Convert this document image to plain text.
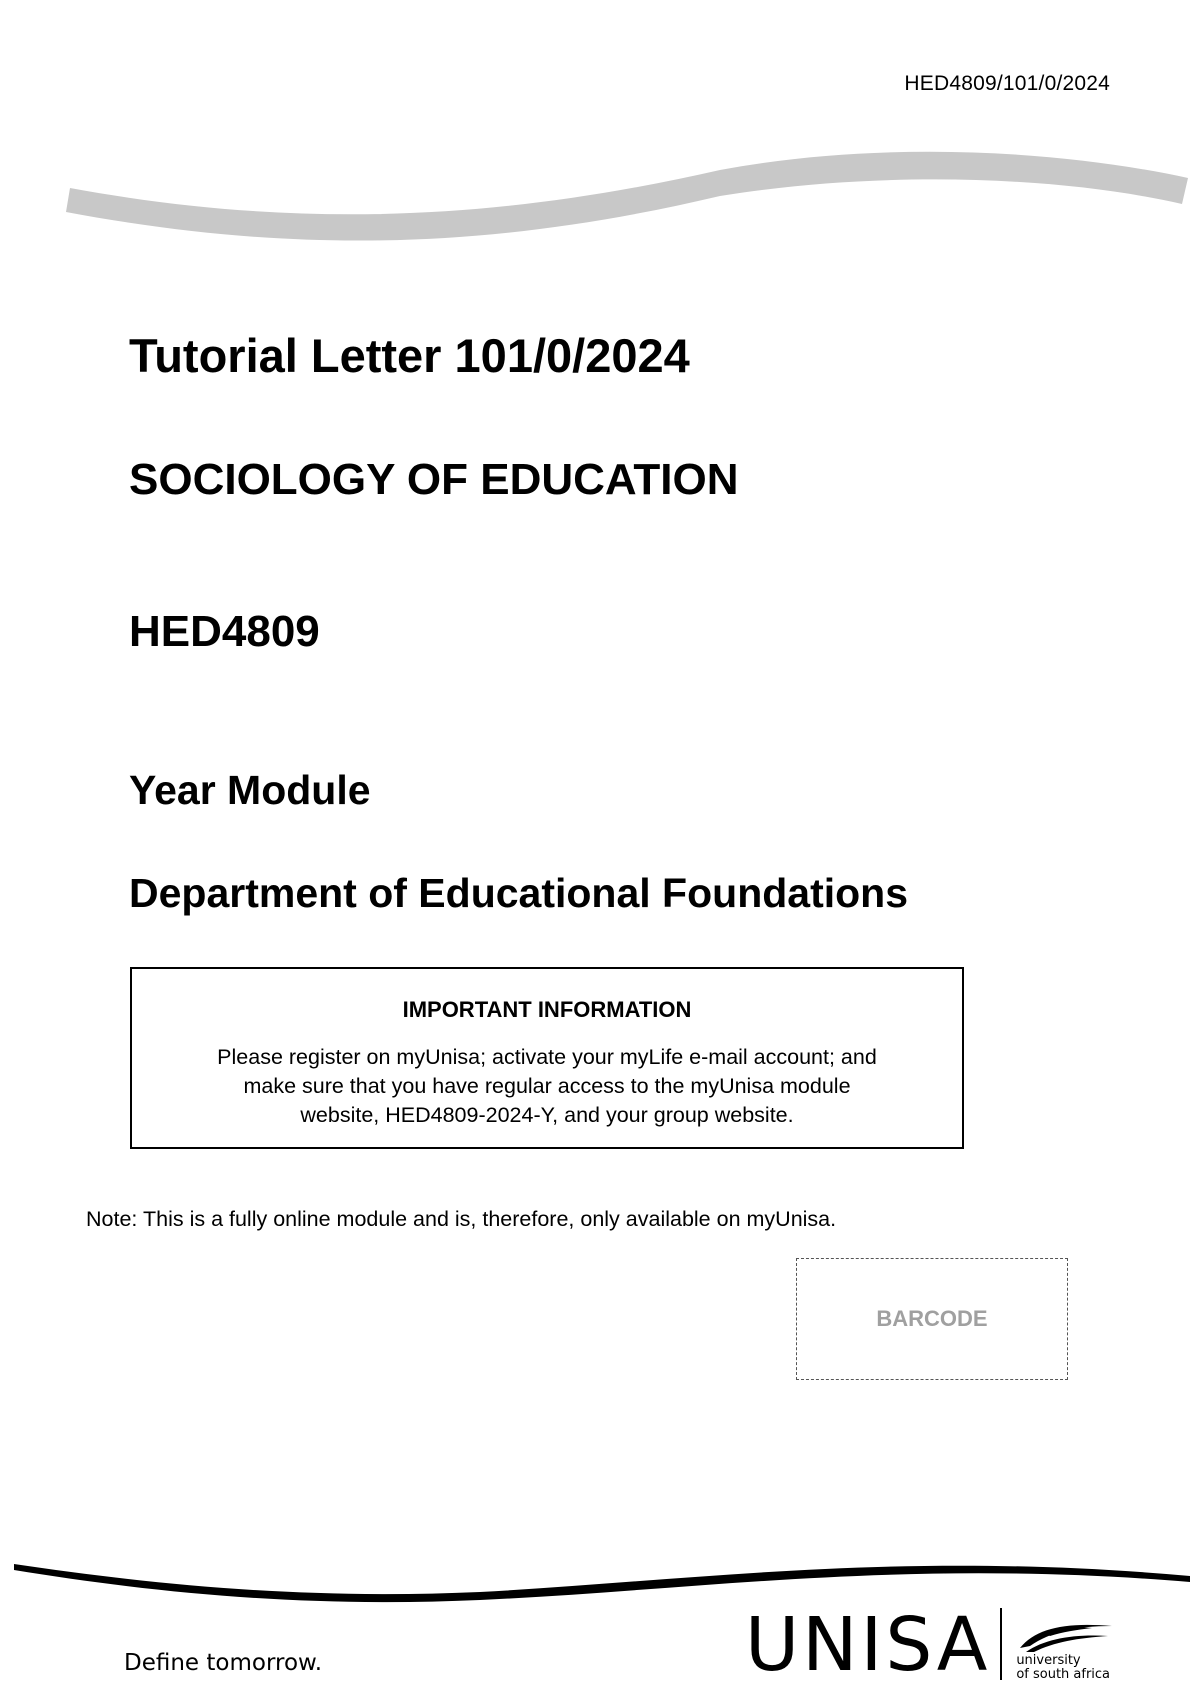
HED4809/101/0/2024
Tutorial Letter 101/0/2024
SOCIOLOGY OF EDUCATION
HED4809
Year Module
Department of Educational Foundations
IMPORTANT INFORMATION
Please register on myUnisa; activate your myLife e-mail account; and
make sure that you have regular access to the myUnisa module
website, HED4809-2024-Y, and your group website.
Note: This is a fully online module and is, therefore, only available on myUnisa.
BARCODE
Define tomorrow.	UNISA university
of south africa
